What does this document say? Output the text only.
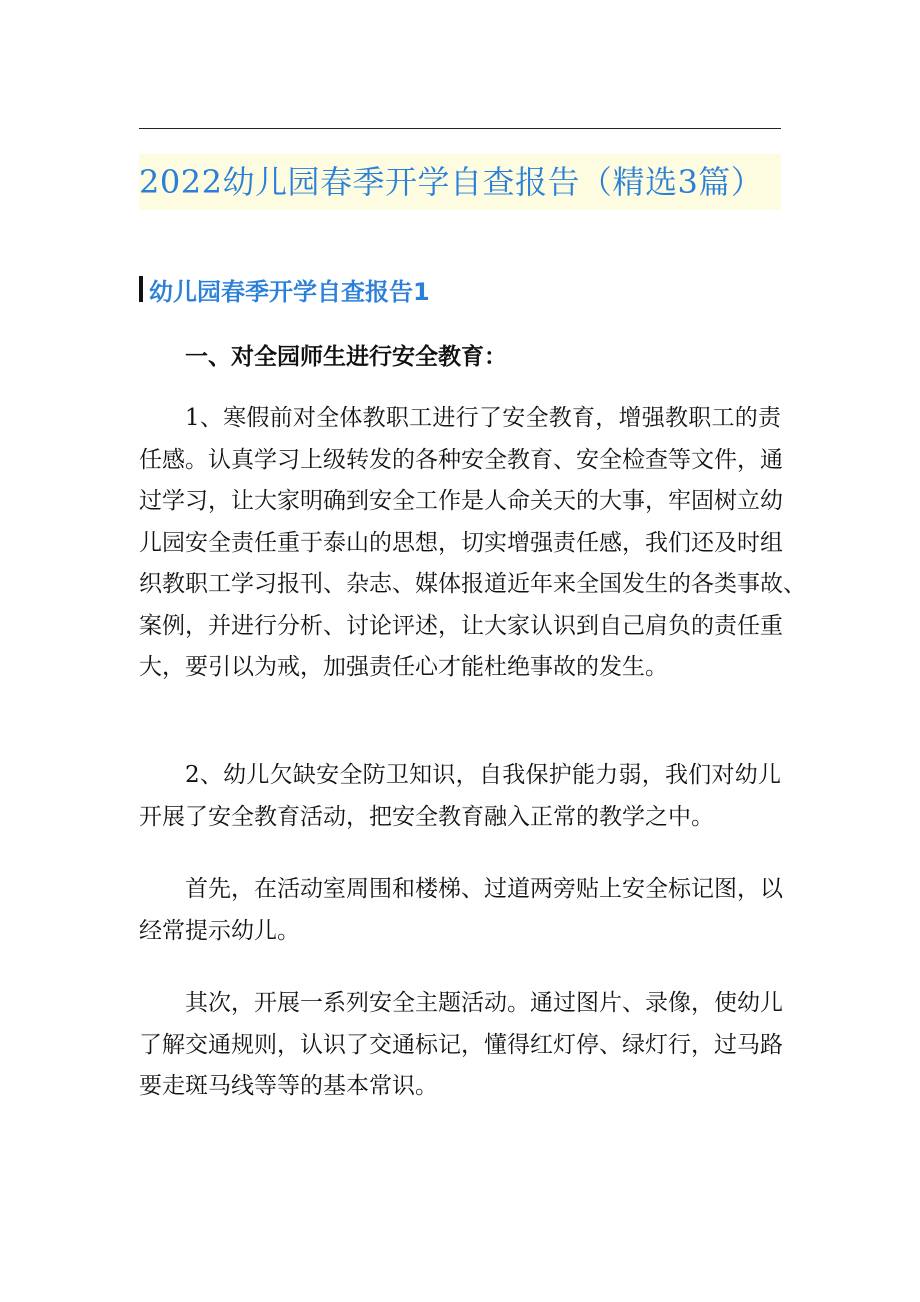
2022幼儿园春季开学自查报告（精选3篇）
幼儿园春季开学自查报告1
一、对全园师生进行安全教育：
1、寒假前对全体教职工进行了安全教育，增强教职工的责
任感。认真学习上级转发的各种安全教育、安全检查等文件，通
过学习，让大家明确到安全工作是人命关天的大事，牢固树立幼
儿园安全责任重于泰山的思想，切实增强责任感，我们还及时组
织教职工学习报刊、杂志、媒体报道近年来全国发生的各类事故、
案例，并进行分析、讨论评述，让大家认识到自己肩负的责任重
大，要引以为戒，加强责任心才能杜绝事故的发生。
2、幼儿欠缺安全防卫知识，自我保护能力弱，我们对幼儿
开展了安全教育活动，把安全教育融入正常的教学之中。
首先，在活动室周围和楼梯、过道两旁贴上安全标记图，以
经常提示幼儿。
其次，开展一系列安全主题活动。通过图片、录像，使幼儿
了解交通规则，认识了交通标记，懂得红灯停、绿灯行，过马路
要走斑马线等等的基本常识。
